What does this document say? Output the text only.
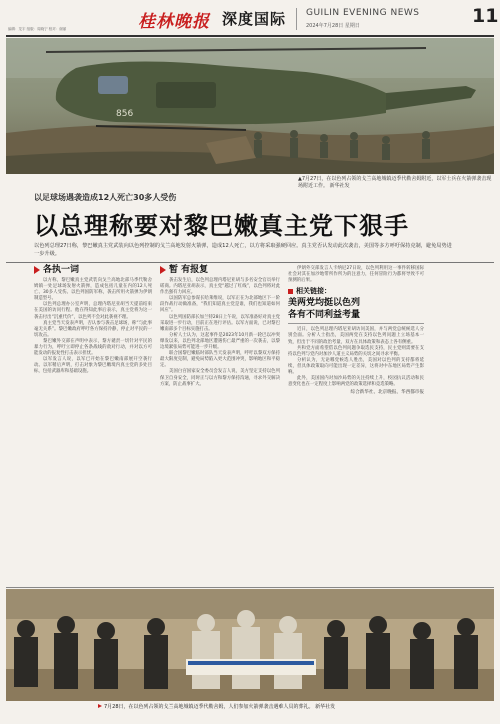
编辑：龙宇 组版：周晓宁 校对：谢丽	桂林晚报 深度国际 GUILIN EVENING NEWS
2024年7月28日 星期日	11
856
▲7月27日，在以色列占领的戈兰高地城镇迈季代勒舍姆附近，以军士兵在火箭弹袭击现场附近工作。 新华社发
以足球场遇袭造成12人死亡30多人受伤
以总理称要对黎巴嫩真主党下狠手
以色列总理27日称，黎巴嫩真主党武装向以色列控制的戈兰高地发射火箭弹，造成12人死亡，以方将采取强硬回应。真主党否认发动此次袭击，美国等多方呼吁保持克制，避免局势进一步升级。
各执一词

以方称，黎巴嫩真主党武装向戈兰高地北部马季代勒舍姆镇一处足球场发射火箭弹，造成包括儿童在内的12人死亡、30多人受伤。以色列国防军称，袭击所用火箭弹为伊朗制造型号。

以色列总理办公室声明，总理内塔尼亚胡当天提前结束在美国的访问行程。他在得知此事后表示，真主党将为这一袭击付出“沉重代价”，以色列不会对此袭视不理。

真主党当天发表声明，否认参与袭击足球场，称“与此事毫无关系”。黎巴嫩政府呼吁各方保持冷静，停止对平民的一切攻击。

黎巴嫩外交部在声明中表示，黎方谴责一切针对平民的暴力行为，呼吁立即停止各条战线的敌对行动，并对以方可能发动的报复性打击表示担忧。

以军发言人说，以军已开始在黎巴嫩南部展开空袭行动。以军稍后声明，打击对象为黎巴嫩境内真主党的多处目标，包括武器库和基础设施。

暂 有报复

袭击发生后，以色列总理内塔尼亚胡与多名安全官员举行磋商。内塔尼亚胡表示，真主党“越过了红线”，以色列将对此作出强有力回应。

以国防军总参谋长哈莱维说，以军正在为北部地区下一阶段作战行动做准备，“我们知道真主党是谁，我们也知道如何回应”。

以色列国防部长加兰特28日上午说，以军准备好对真主党采取进一步行动，目前正在进行评估。以军方面说，已对黎巴嫩南部多个目标实施打击。

分析人士认为，这起事件是2023年10月新一轮巴以冲突爆发以来，以色列北部地区遭遇伤亡最严重的一次袭击，以黎边境紧张局势可能进一步升级。

联合国黎巴嫩临时部队当天发表声明，呼吁以黎双方保持最大限度克制，避免局势陷入更大范围冲突，影响地区和平稳定。

美国白宫国家安全委员会发言人说，美方坚定支持以色列保卫自身安全，同时正与以方和黎方保持沟通，寻求外交解决方案，防止战事扩大。

伊朗外交部发言人卡纳尼27日说，以色列利用这一事件转移国际社会对其在加沙地带所作所为的注意力，任何冒险行为都将导致不可预测的后果。

相关链接：
美两党均挺以色列
各有不同利益考量

近日，以色列总理内塔尼亚胡访问美国，并与两党总统候选人分别会面。分析人士指出，美国两党在支持以色列问题上立场基本一致，但出于不同的政治考量，双方在具体政策和表态上各有侧重。

共和党方面希望借以色列问题争取选民支持，民主党则需要在支持以色列与党内对加沙人道主义局势的关切之间寻求平衡。

分析认为，无论哪党候选人胜出，美国对以色列的支持都将延续，但具体政策取向可能出现一定差异，这将对中东地区局势产生影响。

此外，美国国内对加沙局势的关注持续上升，校园抗议活动和民意变化也在一定程度上影响两党的政策选择和竞选策略。

综合新华社、北京晚报、华西都市报
7月28日，在以色列占领的戈兰高地城镇迈季代勒舍姆，人们参加火箭弹袭击遇难人员的葬礼。 新华社发
